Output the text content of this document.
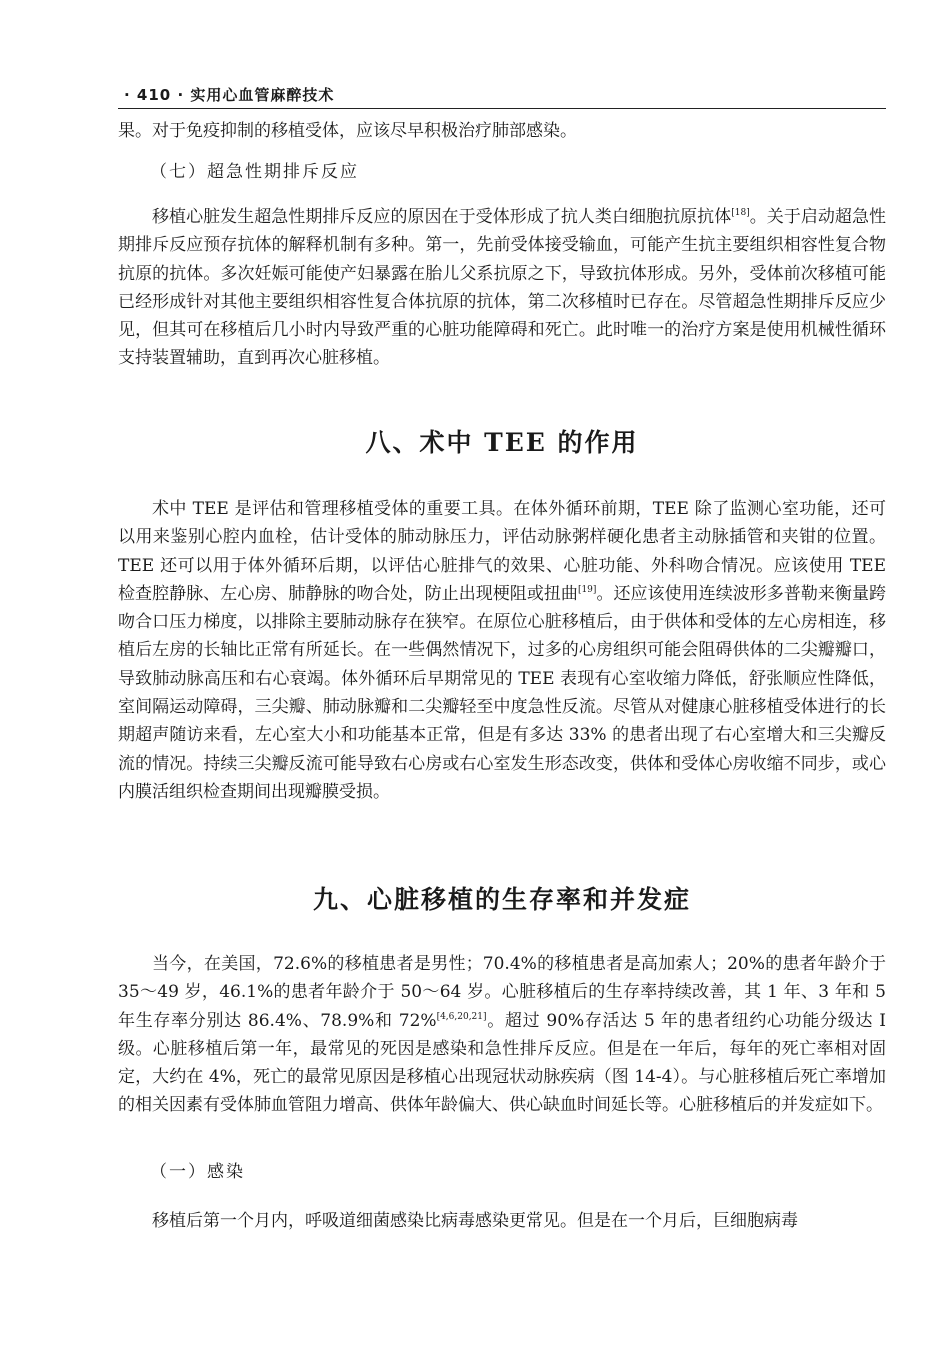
· 410 · 实用心血管麻醉技术

果。对于免疫抑制的移植受体，应该尽早积极治疗肺部感染。

（七）超急性期排斥反应

移植心脏发生超急性期排斥反应的原因在于受体形成了抗人类白细胞抗原抗体[18]。关于启动超急性期排斥反应预存抗体的解释机制有多种。第一，先前受体接受输血，可能产生抗主要组织相容性复合物抗原的抗体。多次妊娠可能使产妇暴露在胎儿父系抗原之下，导致抗体形成。另外，受体前次移植可能已经形成针对其他主要组织相容性复合体抗原的抗体，第二次移植时已存在。尽管超急性期排斥反应少见，但其可在移植后几小时内导致严重的心脏功能障碍和死亡。此时唯一的治疗方案是使用机械性循环支持装置辅助，直到再次心脏移植。

八、术中 TEE 的作用

术中 TEE 是评估和管理移植受体的重要工具。在体外循环前期，TEE 除了监测心室功能，还可以用来鉴别心腔内血栓，估计受体的肺动脉压力，评估动脉粥样硬化患者主动脉插管和夹钳的位置。TEE 还可以用于体外循环后期，以评估心脏排气的效果、心脏功能、外科吻合情况。应该使用 TEE 检查腔静脉、左心房、肺静脉的吻合处，防止出现梗阻或扭曲[19]。还应该使用连续波形多普勒来衡量跨吻合口压力梯度，以排除主要肺动脉存在狭窄。在原位心脏移植后，由于供体和受体的左心房相连，移植后左房的长轴比正常有所延长。在一些偶然情况下，过多的心房组织可能会阻碍供体的二尖瓣瓣口，导致肺动脉高压和右心衰竭。体外循环后早期常见的 TEE 表现有心室收缩力降低，舒张顺应性降低，室间隔运动障碍，三尖瓣、肺动脉瓣和二尖瓣轻至中度急性反流。尽管从对健康心脏移植受体进行的长期超声随访来看，左心室大小和功能基本正常，但是有多达 33% 的患者出现了右心室增大和三尖瓣反流的情况。持续三尖瓣反流可能导致右心房或右心室发生形态改变，供体和受体心房收缩不同步，或心内膜活组织检查期间出现瓣膜受损。

九、心脏移植的生存率和并发症

当今，在美国，72.6%的移植患者是男性；70.4%的移植患者是高加索人；20%的患者年龄介于 35～49 岁，46.1%的患者年龄介于 50～64 岁。心脏移植后的生存率持续改善，其 1 年、3 年和 5 年生存率分别达 86.4%、78.9%和 72%[4,6,20,21]。超过 90%存活达 5 年的患者纽约心功能分级达 I 级。心脏移植后第一年，最常见的死因是感染和急性排斥反应。但是在一年后，每年的死亡率相对固定，大约在 4%，死亡的最常见原因是移植心出现冠状动脉疾病（图 14-4）。与心脏移植后死亡率增加的相关因素有受体肺血管阻力增高、供体年龄偏大、供心缺血时间延长等。心脏移植后的并发症如下。

（一）感染

移植后第一个月内，呼吸道细菌感染比病毒感染更常见。但是在一个月后，巨细胞病毒
